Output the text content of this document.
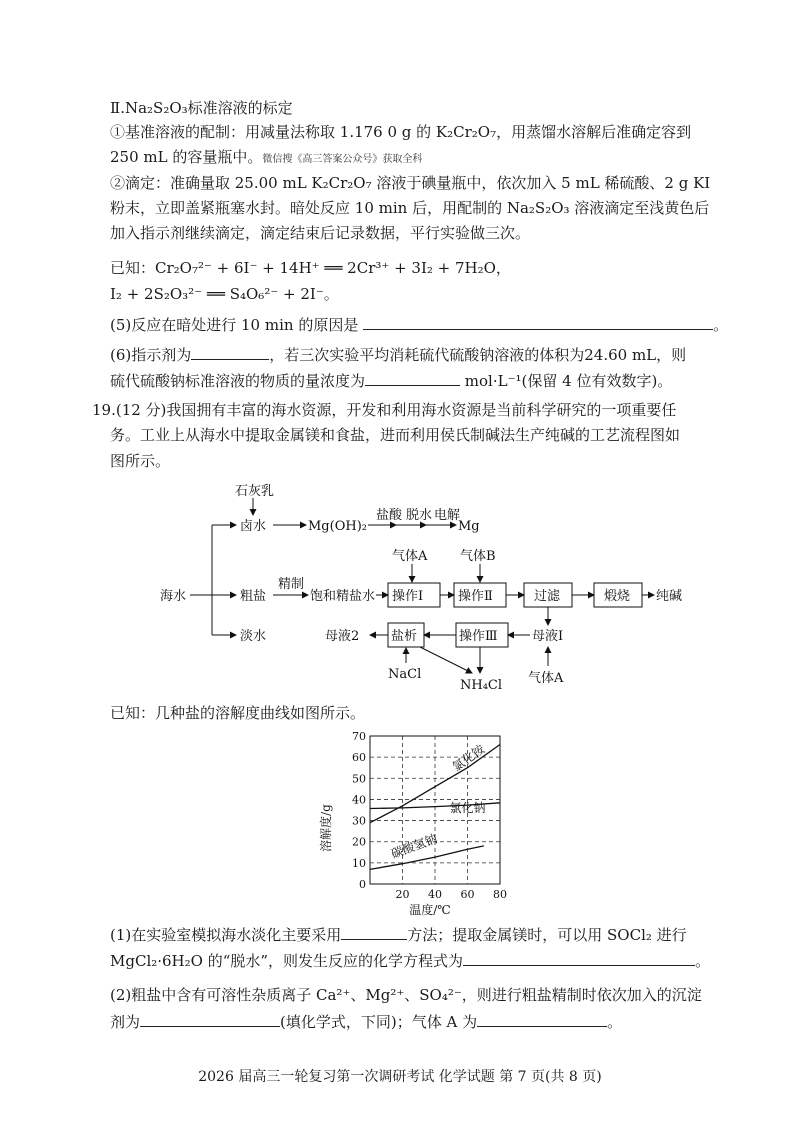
Ⅱ.Na₂S₂O₃标准溶液的标定
①基准溶液的配制：用减量法称取 1.176 0 g 的 K₂Cr₂O₇，用蒸馏水溶解后准确定容到
250 mL 的容量瓶中。微信搜《高三答案公众号》获取全科
②滴定：准确量取 25.00 mL K₂Cr₂O₇ 溶液于碘量瓶中，依次加入 5 mL 稀硫酸、2 g KI
粉末，立即盖紧瓶塞水封。暗处反应 10 min 后，用配制的 Na₂S₂O₃ 溶液滴定至浅黄色后
加入指示剂继续滴定，滴定结束后记录数据，平行实验做三次。
已知：Cr₂O₇²⁻ + 6I⁻ + 14H⁺ ══ 2Cr³⁺ + 3I₂ + 7H₂O，
I₂ + 2S₂O₃²⁻ ══ S₄O₆²⁻ + 2I⁻。
(5)反应在暗处进行 10 min 的原因是	。
(6)指示剂为	，若三次实验平均消耗硫代硫酸钠溶液的体积为24.60 mL，则
硫代硫酸钠标准溶液的物质的量浓度为	mol·L⁻¹(保留 4 位有效数字)。
19.(12 分)我国拥有丰富的海水资源，开发和利用海水资源是当前科学研究的一项重要任
务。工业上从海水中提取金属镁和食盐，进而利用侯氏制碱法生产纯碱的工艺流程图如
图所示。
石灰乳
卤水	Mg(OH)₂
盐酸 脱水 电解
Mg
海水	粗盐
精制
饱和精盐水 操作Ⅰ	操作Ⅱ	过滤	煅烧 纯碱
气体A	气体B
淡水	母液2 盐析	操作Ⅲ	母液Ⅰ
NaCl
NH₄Cl 气体A
已知：几种盐的溶解度曲线如图所示。
0
10
20
30
40
50
60
70
20 40 60 80
氯化铵
氯化钠
碳酸氢钠
溶解度/g
温度/℃
(1)在实验室模拟海水淡化主要采用	方法；提取金属镁时，可以用 SOCl₂ 进行
MgCl₂·6H₂O 的“脱水”，则发生反应的化学方程式为	。
(2)粗盐中含有可溶性杂质离子 Ca²⁺、Mg²⁺、SO₄²⁻，则进行粗盐精制时依次加入的沉淀
剂为	(填化学式，下同)；气体 A 为	。
2026 届高三一轮复习第一次调研考试 化学试题 第 7 页(共 8 页)
